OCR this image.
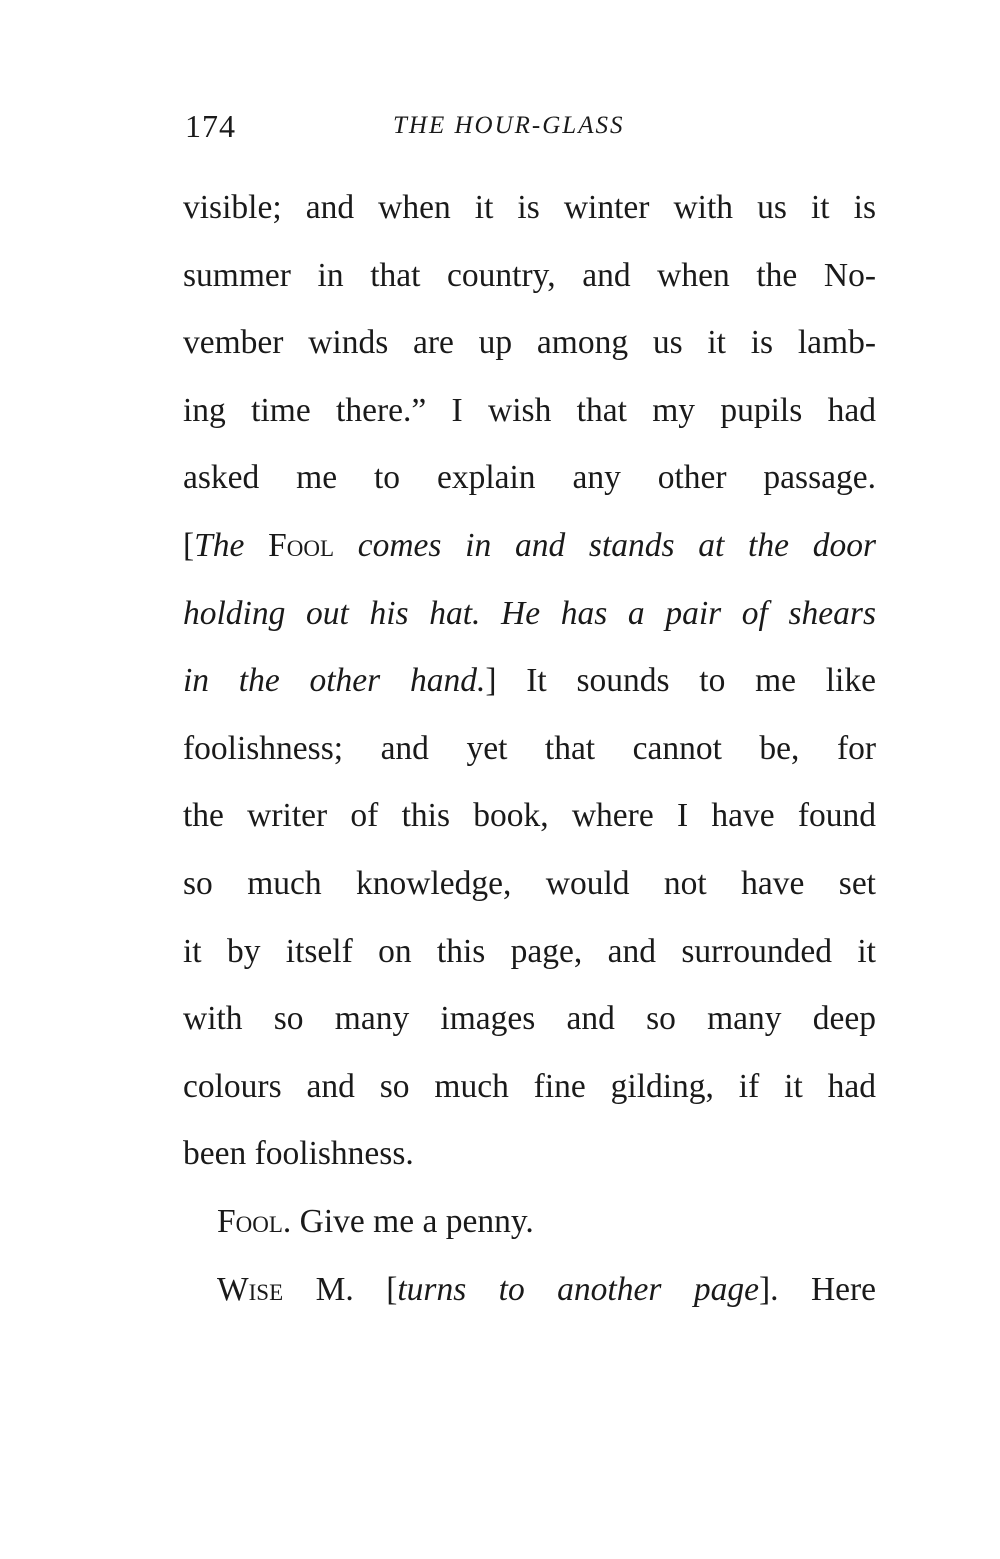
174	THE HOUR-GLASS
visible; and when it is winter with us it is
summer in that country, and when the No-
vember winds are up among us it is lamb-
ing time there.” I wish that my pupils had
asked me to explain any other passage.
[The Fool comes in and stands at the door
holding out his hat. He has a pair of shears
in the other hand.] It sounds to me like
foolishness; and yet that cannot be, for
the writer of this book, where I have found
so much knowledge, would not have set
it by itself on this page, and surrounded it
with so many images and so many deep
colours and so much fine gilding, if it had
been foolishness.
Fool. Give me a penny.
Wise M. [turns to another page]. Here
